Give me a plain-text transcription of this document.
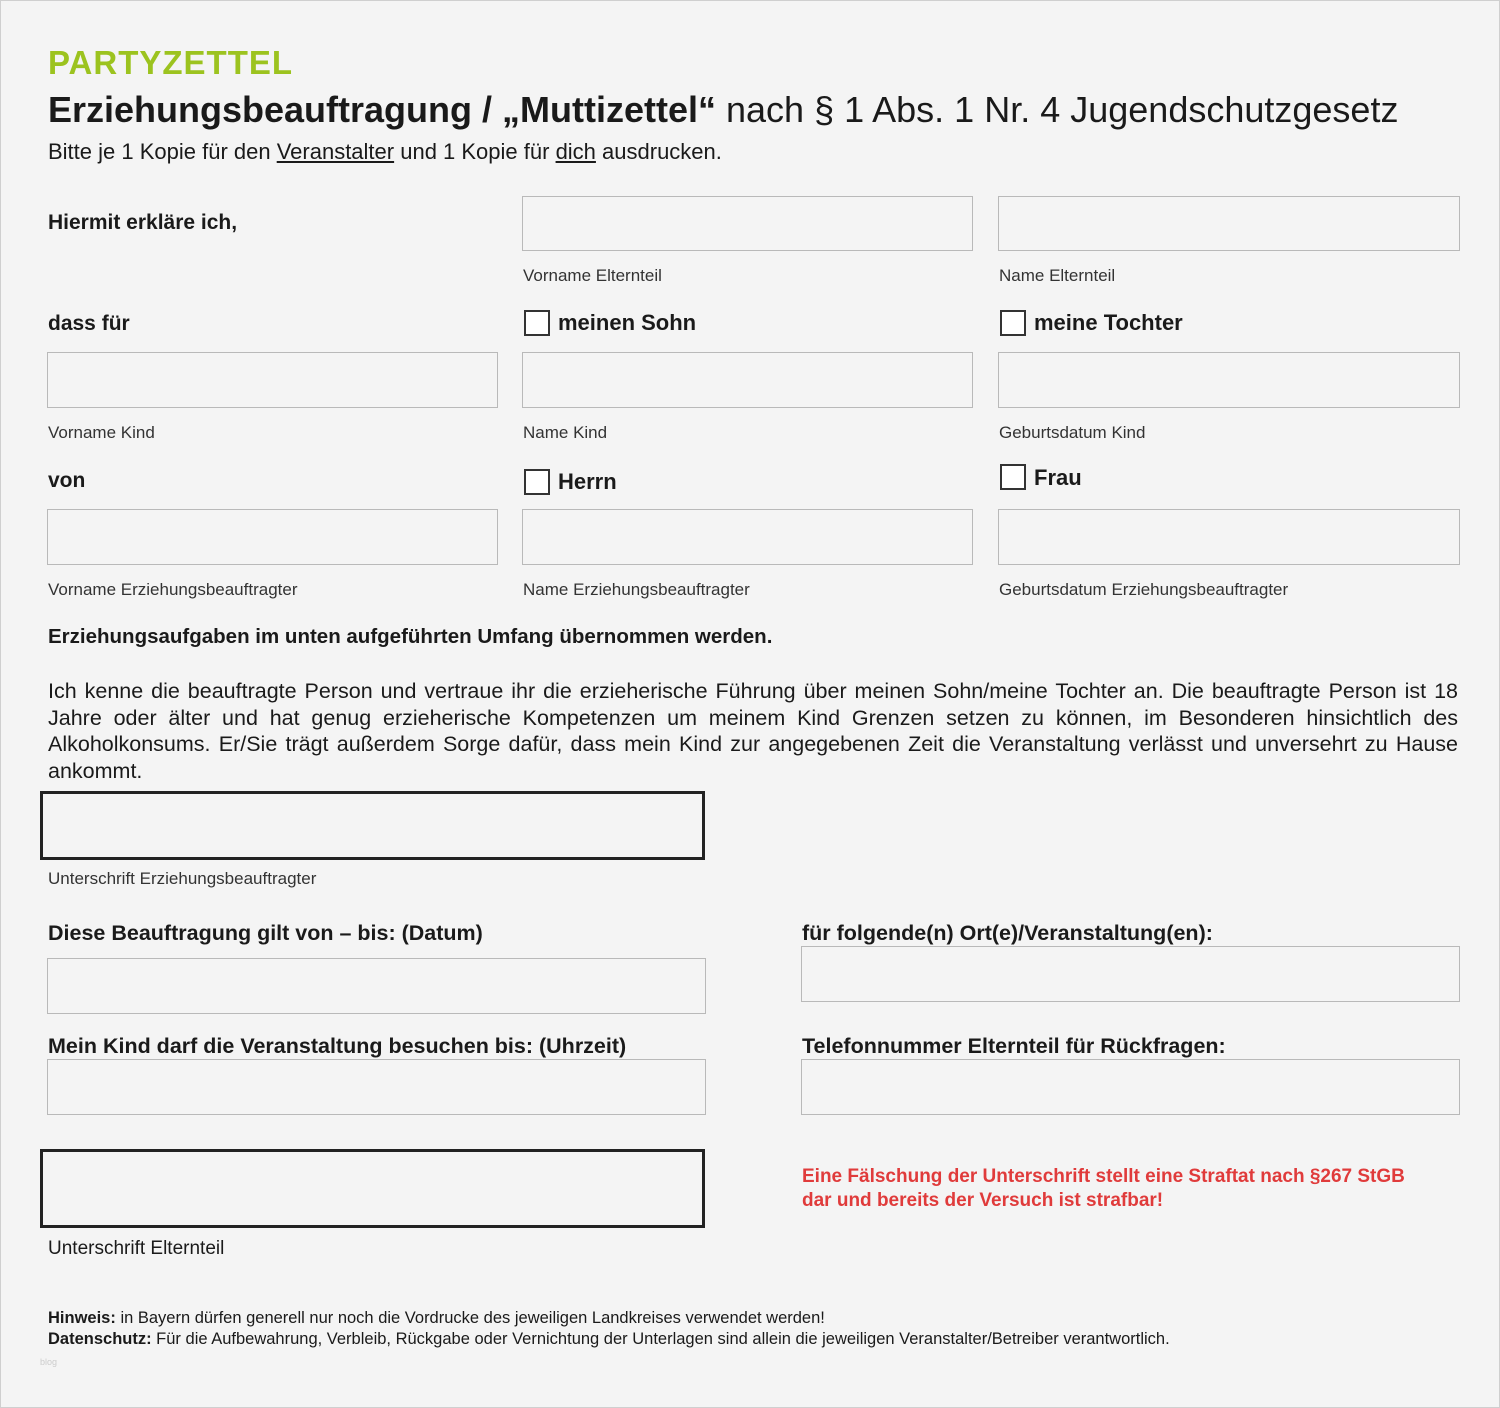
PARTYZETTEL
Erziehungsbeauftragung / „Muttizettel“ nach § 1 Abs. 1 Nr. 4 Jugendschutzgesetz
Bitte je 1 Kopie für den Veranstalter und 1 Kopie für dich ausdrucken.
Hiermit erkläre ich,
Vorname Elternteil	Name Elternteil
dass für	meinen Sohn	meine Tochter
Vorname Kind	Name Kind	Geburtsdatum Kind
von	Herrn	Frau
Vorname Erziehungsbeauftragter	Name Erziehungsbeauftragter	Geburtsdatum Erziehungsbeauftragter
Erziehungsaufgaben im unten aufgeführten Umfang übernommen werden.
Ich kenne die beauftragte Person und vertraue ihr die erzieherische Führung über meinen Sohn/meine Tochter an. Die beauftragte Person ist 18 Jahre oder älter und hat genug erzieherische Kompetenzen um meinem Kind Grenzen setzen zu können, im Besonderen hinsichtlich des Alkoholkonsums. Er/Sie trägt außerdem Sorge dafür, dass mein Kind zur angegebenen Zeit die Veranstaltung verlässt und unversehrt zu Hause ankommt.
Unterschrift Erziehungsbeauftragter
Diese Beauftragung gilt von – bis: (Datum)	für folgende(n) Ort(e)/Veranstaltung(en):
Mein Kind darf die Veranstaltung besuchen bis: (Uhrzeit)	Telefonnummer Elternteil für Rückfragen:
Unterschrift Elternteil
Eine Fälschung der Unterschrift stellt eine Straftat nach §267 StGB
dar und bereits der Versuch ist strafbar!
Hinweis: in Bayern dürfen generell nur noch die Vordrucke des jeweiligen Landkreises verwendet werden!
Datenschutz: Für die Aufbewahrung, Verbleib, Rückgabe oder Vernichtung der Unterlagen sind allein die jeweiligen Veranstalter/Betreiber verantwortlich.
blog
